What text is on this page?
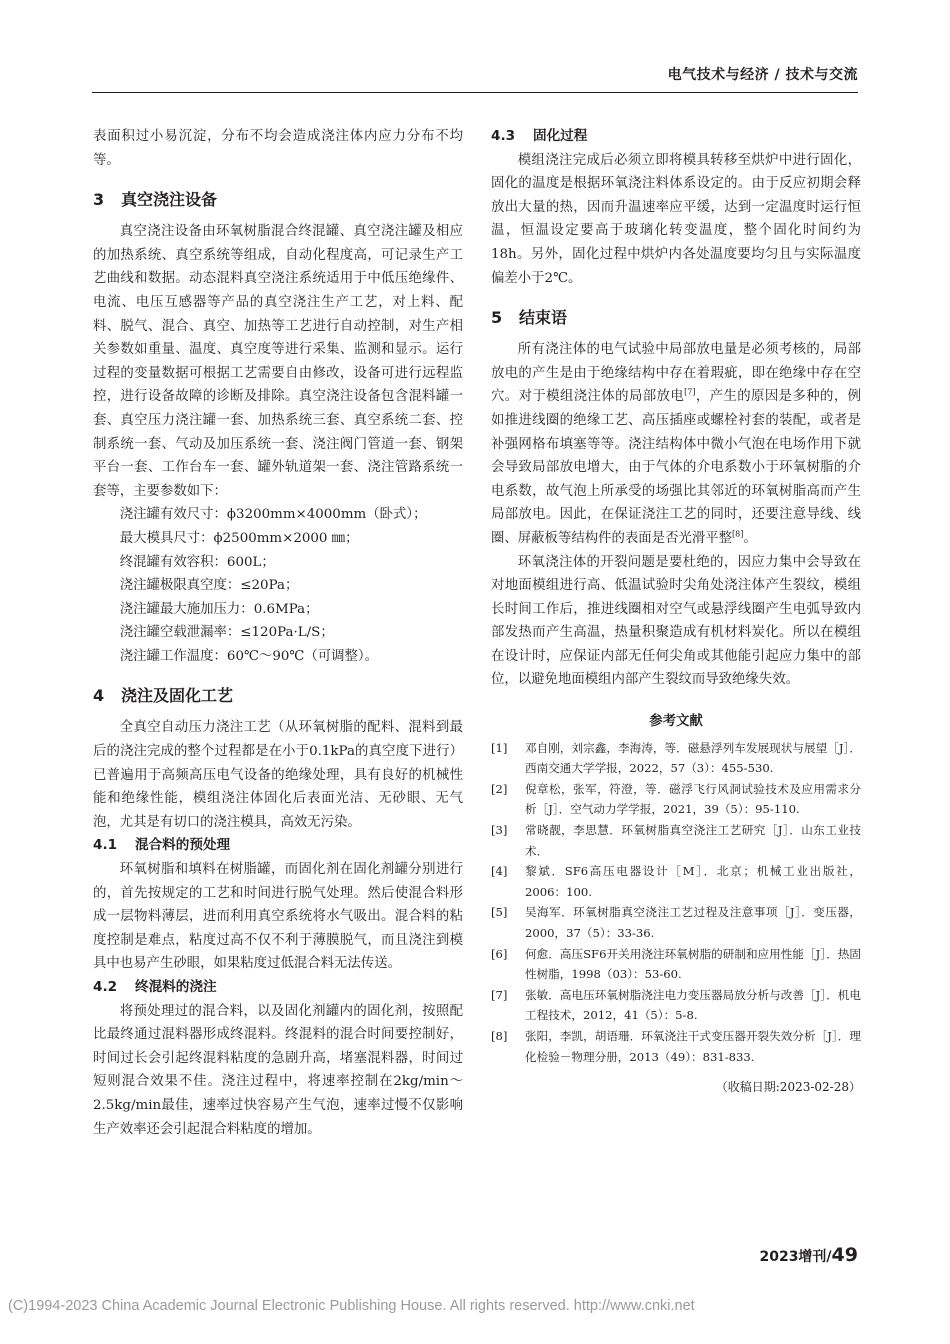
电气技术与经济 / 技术与交流

表面积过小易沉淀，分布不均会造成浇注体内应力分布不均等。

3 真空浇注设备

真空浇注设备由环氧树脂混合终混罐、真空浇注罐及相应的加热系统、真空系统等组成，自动化程度高，可记录生产工艺曲线和数据。动态混料真空浇注系统适用于中低压绝缘件、电流、电压互感器等产品的真空浇注生产工艺，对上料、配料、脱气、混合、真空、加热等工艺进行自动控制，对生产相关参数如重量、温度、真空度等进行采集、监测和显示。运行过程的变量数据可根据工艺需要自由修改，设备可进行远程监控，进行设备故障的诊断及排除。真空浇注设备包含混料罐一套、真空压力浇注罐一套、加热系统三套、真空系统二套、控制系统一套、气动及加压系统一套、浇注阀门管道一套、钢架平台一套、工作台车一套、罐外轨道架一套、浇注管路系统一套等，主要参数如下：

浇注罐有效尺寸：ϕ3200mm×4000mm（卧式）；

最大模具尺寸：ϕ2500mm×2000 ㎜；

终混罐有效容积：600L；

浇注罐极限真空度：≤20Pa；

浇注罐最大施加压力：0.6MPa；

浇注罐空载泄漏率：≤120Pa·L/S；

浇注罐工作温度：60℃～90℃（可调整）。

4 浇注及固化工艺

全真空自动压力浇注工艺（从环氧树脂的配料、混料到最后的浇注完成的整个过程都是在小于0.1kPa的真空度下进行）已普遍用于高频高压电气设备的绝缘处理，具有良好的机械性能和绝缘性能，模组浇注体固化后表面光洁、无砂眼、无气泡，尤其是有切口的浇注模具，高效无污染。

4.1 混合料的预处理

环氧树脂和填料在树脂罐，而固化剂在固化剂罐分别进行的，首先按规定的工艺和时间进行脱气处理。然后使混合料形成一层物料薄层，进而利用真空系统将水气吸出。混合料的粘度控制是难点，粘度过高不仅不利于薄膜脱气，而且浇注到模具中也易产生砂眼，如果粘度过低混合料无法传送。

4.2 终混料的浇注

将预处理过的混合料，以及固化剂罐内的固化剂，按照配比最终通过混料器形成终混料。终混料的混合时间要控制好，时间过长会引起终混料粘度的急剧升高，堵塞混料器，时间过短则混合效果不佳。浇注过程中，将速率控制在2kg/min～2.5kg/min最佳，速率过快容易产生气泡，速率过慢不仅影响生产效率还会引起混合料粘度的增加。

4.3 固化过程

模组浇注完成后必须立即将模具转移至烘炉中进行固化，固化的温度是根据环氧浇注料体系设定的。由于反应初期会释放出大量的热，因而升温速率应平缓，达到一定温度时运行恒温，恒温设定要高于玻璃化转变温度，整个固化时间约为18h。另外，固化过程中烘炉内各处温度要均匀且与实际温度偏差小于2℃。

5 结束语

所有浇注体的电气试验中局部放电量是必须考核的，局部放电的产生是由于绝缘结构中存在着瑕疵，即在绝缘中存在空穴。对于模组浇注体的局部放电[7]，产生的原因是多种的，例如推进线圈的绝缘工艺、高压插座或螺栓衬套的装配，或者是补强网格布填塞等等。浇注结构体中微小气泡在电场作用下就会导致局部放电增大，由于气体的介电系数小于环氧树脂的介电系数，故气泡上所承受的场强比其邻近的环氧树脂高而产生局部放电。因此，在保证浇注工艺的同时，还要注意导线、线圈、屏蔽板等结构件的表面是否光滑平整[8]。

环氧浇注体的开裂问题是要杜绝的，因应力集中会导致在对地面模组进行高、低温试验时尖角处浇注体产生裂纹，模组长时间工作后，推进线圈相对空气或悬浮线圈产生电弧导致内部发热而产生高温，热量积聚造成有机材料炭化。所以在模组在设计时，应保证内部无任何尖角或其他能引起应力集中的部位，以避免地面模组内部产生裂纹而导致绝缘失效。

参考文献
[1]	邓自刚，刘宗鑫，李海涛，等．磁悬浮列车发展现状与展望［J］．西南交通大学学报，2022，57（3）：455-530.
[2]	倪章松，张军，符澄，等．磁浮飞行风洞试验技术及应用需求分析［J］．空气动力学学报，2021，39（5）：95-110.
[3]	常晓靓，李思慧．环氧树脂真空浇注工艺研究［J］．山东工业技术．
[4]	黎斌．SF6高压电器设计［M］．北京；机械工业出版社，2006：100.
[5]	吴海军．环氧树脂真空浇注工艺过程及注意事项［J］．变压器，2000，37（5）：33-36.
[6]	何愈．高压SF6开关用浇注环氧树脂的研制和应用性能［J］．热固性树脂，1998（03）：53-60.
[7]	张敏．高电压环氧树脂浇注电力变压器局放分析与改善［J］．机电工程技术，2012，41（5）：5-8.
[8]	张阳，李凯，胡语珊．环氧浇注干式变压器开裂失效分析［J］．理化检验－物理分册，2013（49）：831-833.
（收稿日期:2023-02-28）
2023增刊/49
(C)1994-2023 China Academic Journal Electronic Publishing House. All rights reserved. http://www.cnki.net
